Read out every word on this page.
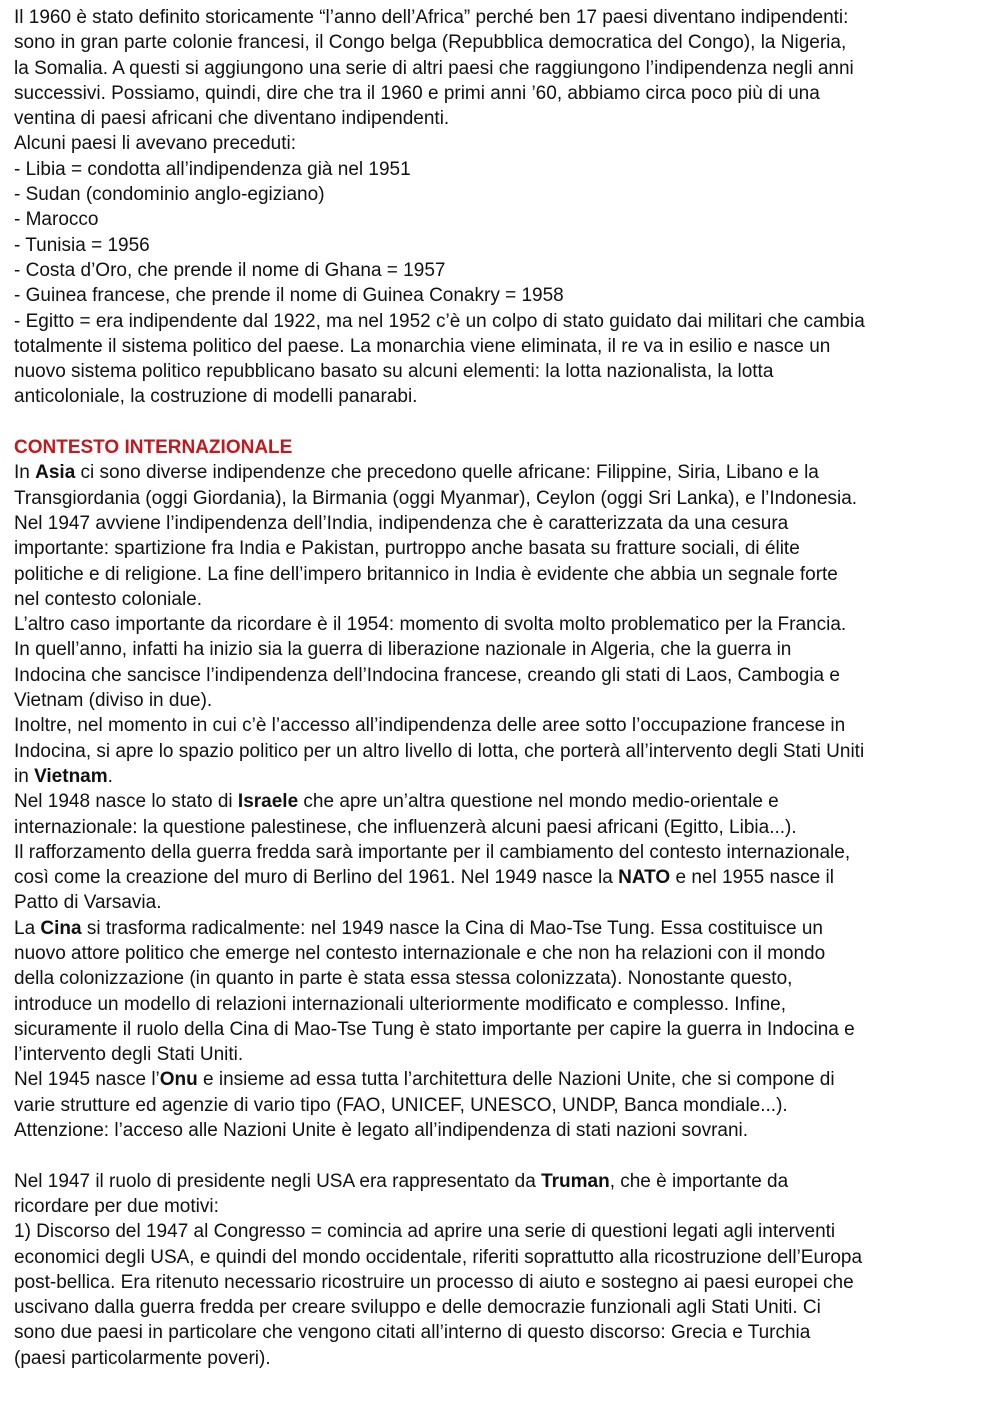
Il 1960 è stato definito storicamente “l’anno dell’Africa” perché ben 17 paesi diventano indipendenti:
sono in gran parte colonie francesi, il Congo belga (Repubblica democratica del Congo), la Nigeria,
la Somalia. A questi si aggiungono una serie di altri paesi che raggiungono l’indipendenza negli anni
successivi. Possiamo, quindi, dire che tra il 1960 e primi anni ’60, abbiamo circa poco più di una
ventina di paesi africani che diventano indipendenti.

Alcuni paesi li avevano preceduti:

- Libia = condotta all’indipendenza già nel 1951

- Sudan (condominio anglo-egiziano)

- Marocco

- Tunisia = 1956

- Costa d’Oro, che prende il nome di Ghana = 1957

- Guinea francese, che prende il nome di Guinea Conakry = 1958

- Egitto = era indipendente dal 1922, ma nel 1952 c’è un colpo di stato guidato dai militari che cambia
totalmente il sistema politico del paese. La monarchia viene eliminata, il re va in esilio e nasce un
nuovo sistema politico repubblicano basato su alcuni elementi: la lotta nazionalista, la lotta
anticoloniale, la costruzione di modelli panarabi.

CONTESTO INTERNAZIONALE

In Asia ci sono diverse indipendenze che precedono quelle africane: Filippine, Siria, Libano e la
Transgiordania (oggi Giordania), la Birmania (oggi Myanmar), Ceylon (oggi Sri Lanka), e l’Indonesia.

Nel 1947 avviene l’indipendenza dell’India, indipendenza che è caratterizzata da una cesura
importante: spartizione fra India e Pakistan, purtroppo anche basata su fratture sociali, di élite
politiche e di religione. La fine dell’impero britannico in India è evidente che abbia un segnale forte
nel contesto coloniale.

L’altro caso importante da ricordare è il 1954: momento di svolta molto problematico per la Francia.
In quell’anno, infatti ha inizio sia la guerra di liberazione nazionale in Algeria, che la guerra in
Indocina che sancisce l’indipendenza dell’Indocina francese, creando gli stati di Laos, Cambogia e
Vietnam (diviso in due).

Inoltre, nel momento in cui c’è l’accesso all’indipendenza delle aree sotto l’occupazione francese in
Indocina, si apre lo spazio politico per un altro livello di lotta, che porterà all’intervento degli Stati Uniti
in Vietnam.

Nel 1948 nasce lo stato di Israele che apre un’altra questione nel mondo medio-orientale e
internazionale: la questione palestinese, che influenzerà alcuni paesi africani (Egitto, Libia...).

Il rafforzamento della guerra fredda sarà importante per il cambiamento del contesto internazionale,
così come la creazione del muro di Berlino del 1961. Nel 1949 nasce la NATO e nel 1955 nasce il
Patto di Varsavia.

La Cina si trasforma radicalmente: nel 1949 nasce la Cina di Mao-Tse Tung. Essa costituisce un
nuovo attore politico che emerge nel contesto internazionale e che non ha relazioni con il mondo
della colonizzazione (in quanto in parte è stata essa stessa colonizzata). Nonostante questo,
introduce un modello di relazioni internazionali ulteriormente modificato e complesso. Infine,
sicuramente il ruolo della Cina di Mao-Tse Tung è stato importante per capire la guerra in Indocina e
l’intervento degli Stati Uniti.

Nel 1945 nasce l’Onu e insieme ad essa tutta l’architettura delle Nazioni Unite, che si compone di
varie strutture ed agenzie di vario tipo (FAO, UNICEF, UNESCO, UNDP, Banca mondiale...).

Attenzione: l’acceso alle Nazioni Unite è legato all’indipendenza di stati nazioni sovrani.

Nel 1947 il ruolo di presidente negli USA era rappresentato da Truman, che è importante da
ricordare per due motivi:

1) Discorso del 1947 al Congresso = comincia ad aprire una serie di questioni legati agli interventi
economici degli USA, e quindi del mondo occidentale, riferiti soprattutto alla ricostruzione dell’Europa
post-bellica. Era ritenuto necessario ricostruire un processo di aiuto e sostegno ai paesi europei che
uscivano dalla guerra fredda per creare sviluppo e delle democrazie funzionali agli Stati Uniti. Ci
sono due paesi in particolare che vengono citati all’interno di questo discorso: Grecia e Turchia
(paesi particolarmente poveri).
